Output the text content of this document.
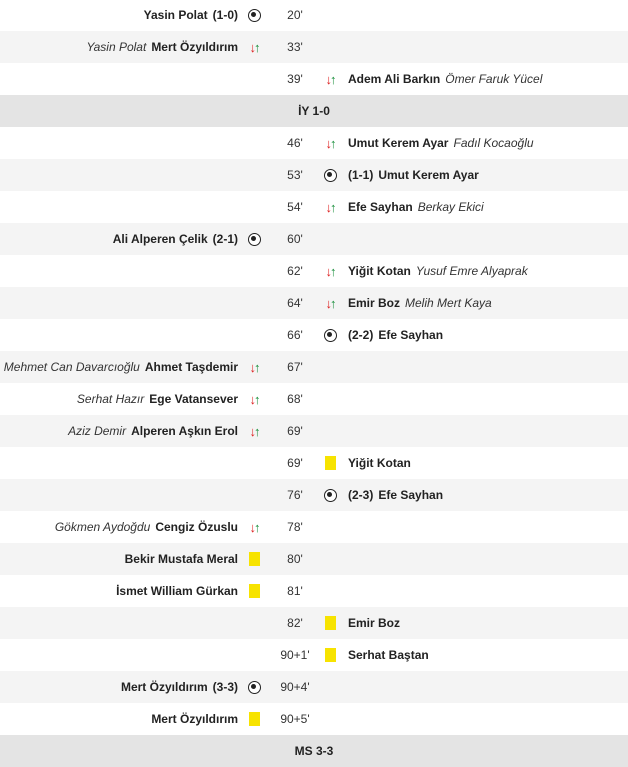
Yasin Polat (1-0)	20'
Yasin Polat Mert Özyıldırım ↓ ↑	33'
39'	↓ ↑ Adem Ali Barkın Ömer Faruk Yücel
İY 1-0
46'	↓ ↑ Umut Kerem Ayar Fadıl Kocaoğlu
53'	(1-1) Umut Kerem Ayar
54'	↓ ↑ Efe Sayhan Berkay Ekici
Ali Alperen Çelik (2-1)	60'
62'	↓ ↑ Yiğit Kotan Yusuf Emre Alyaprak
64'	↓ ↑ Emir Boz Melih Mert Kaya
66'	(2-2) Efe Sayhan
Mehmet Can Davarcıoğlu Ahmet Taşdemir ↓ ↑	67'
Serhat Hazır Ege Vatansever ↓ ↑	68'
Aziz Demir Alperen Aşkın Erol ↓ ↑	69'
69'	Yiğit Kotan
76'	(2-3) Efe Sayhan
Gökmen Aydoğdu Cengiz Özuslu ↓ ↑	78'
Bekir Mustafa Meral	80'
İsmet William Gürkan	81'
82'	Emir Boz
90+1'	Serhat Baştan
Mert Özyıldırım (3-3)	90+4'
Mert Özyıldırım	90+5'
MS 3-3
